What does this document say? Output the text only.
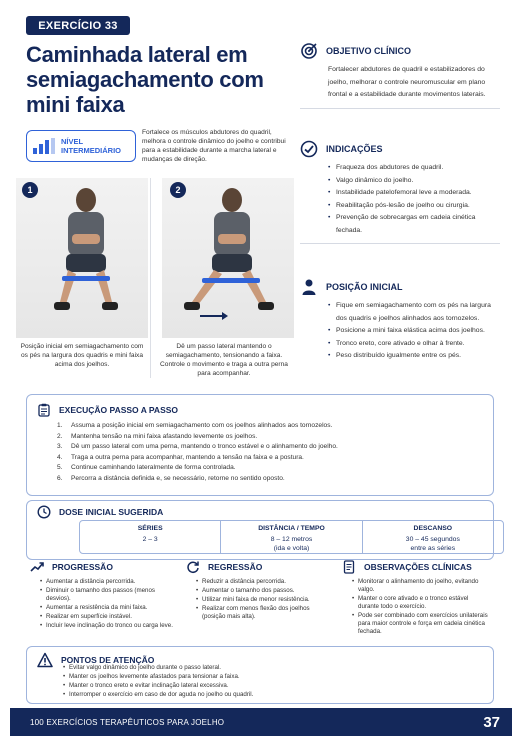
EXERCÍCIO 33
Caminhada lateral em semiagachamento com mini faixa
NÍVEL
INTERMEDIÁRIO

Fortalece os músculos abdutores do quadril, melhora o controle dinâmico do joelho e contribui para a estabilidade durante a marcha lateral e mudanças de direção.

1

Posição inicial em semiagachamento com os pés na largura dos quadris e mini faixa acima dos joelhos.

2

Dê um passo lateral mantendo o semiagachamento, tensionando a faixa. Controle o movimento e traga a outra perna para acompanhar.

OBJETIVO CLÍNICO

Fortalecer abdutores de quadril e estabilizadores do joelho, melhorar o controle neuromuscular em plano frontal e a estabilidade durante movimentos laterais.

INDICAÇÕES
• Fraqueza dos abdutores de quadril.
• Valgo dinâmico do joelho.
• Instabilidade patelofemoral leve a moderada.
• Reabilitação pós-lesão de joelho ou cirurgia.
• Prevenção de sobrecargas em cadeia cinética fechada.
POSIÇÃO INICIAL
• Fique em semiagachamento com os pés na largura dos quadris e joelhos alinhados aos tornozelos.
• Posicione a mini faixa elástica acima dos joelhos.
• Tronco ereto, core ativado e olhar à frente.
• Peso distribuído igualmente entre os pés.
EXECUÇÃO PASSO A PASSO
1. Assuma a posição inicial em semiagachamento com os joelhos alinhados aos tornozelos.
2. Mantenha tensão na mini faixa afastando levemente os joelhos.
3. Dê um passo lateral com uma perna, mantendo o tronco estável e o alinhamento do joelho.
4. Traga a outra perna para acompanhar, mantendo a tensão na faixa e a postura.
5. Continue caminhando lateralmente de forma controlada.
6. Percorra a distância definida e, se necessário, retorne no sentido oposto.
DOSE INICIAL SUGERIDA
SÉRIES
2 – 3
DISTÂNCIA / TEMPO
8 – 12 metros
(ida e volta)
DESCANSO
30 – 45 segundos
entre as séries
PROGRESSÃO
• Aumentar a distância percorrida.
• Diminuir o tamanho dos passos (menos desvios).
• Aumentar a resistência da mini faixa.
• Realizar em superfície instável.
• Incluir leve inclinação do tronco ou carga leve.
REGRESSÃO
• Reduzir a distância percorrida.
• Aumentar o tamanho dos passos.
• Utilizar mini faixa de menor resistência.
• Realizar com menos flexão dos joelhos (posição mais alta).
OBSERVAÇÕES CLÍNICAS
• Monitorar o alinhamento do joelho, evitando valgo.
• Manter o core ativado e o tronco estável durante todo o exercício.
• Pode ser combinado com exercícios unilaterais para maior controle e força em cadeia cinética fechada.
PONTOS DE ATENÇÃO
• Evitar valgo dinâmico do joelho durante o passo lateral.
• Manter os joelhos levemente afastados para tensionar a faixa.
• Manter o tronco ereto e evitar inclinação lateral excessiva.
• Interromper o exercício em caso de dor aguda no joelho ou quadril.
100 EXERCÍCIOS TERAPÊUTICOS PARA JOELHO	37
